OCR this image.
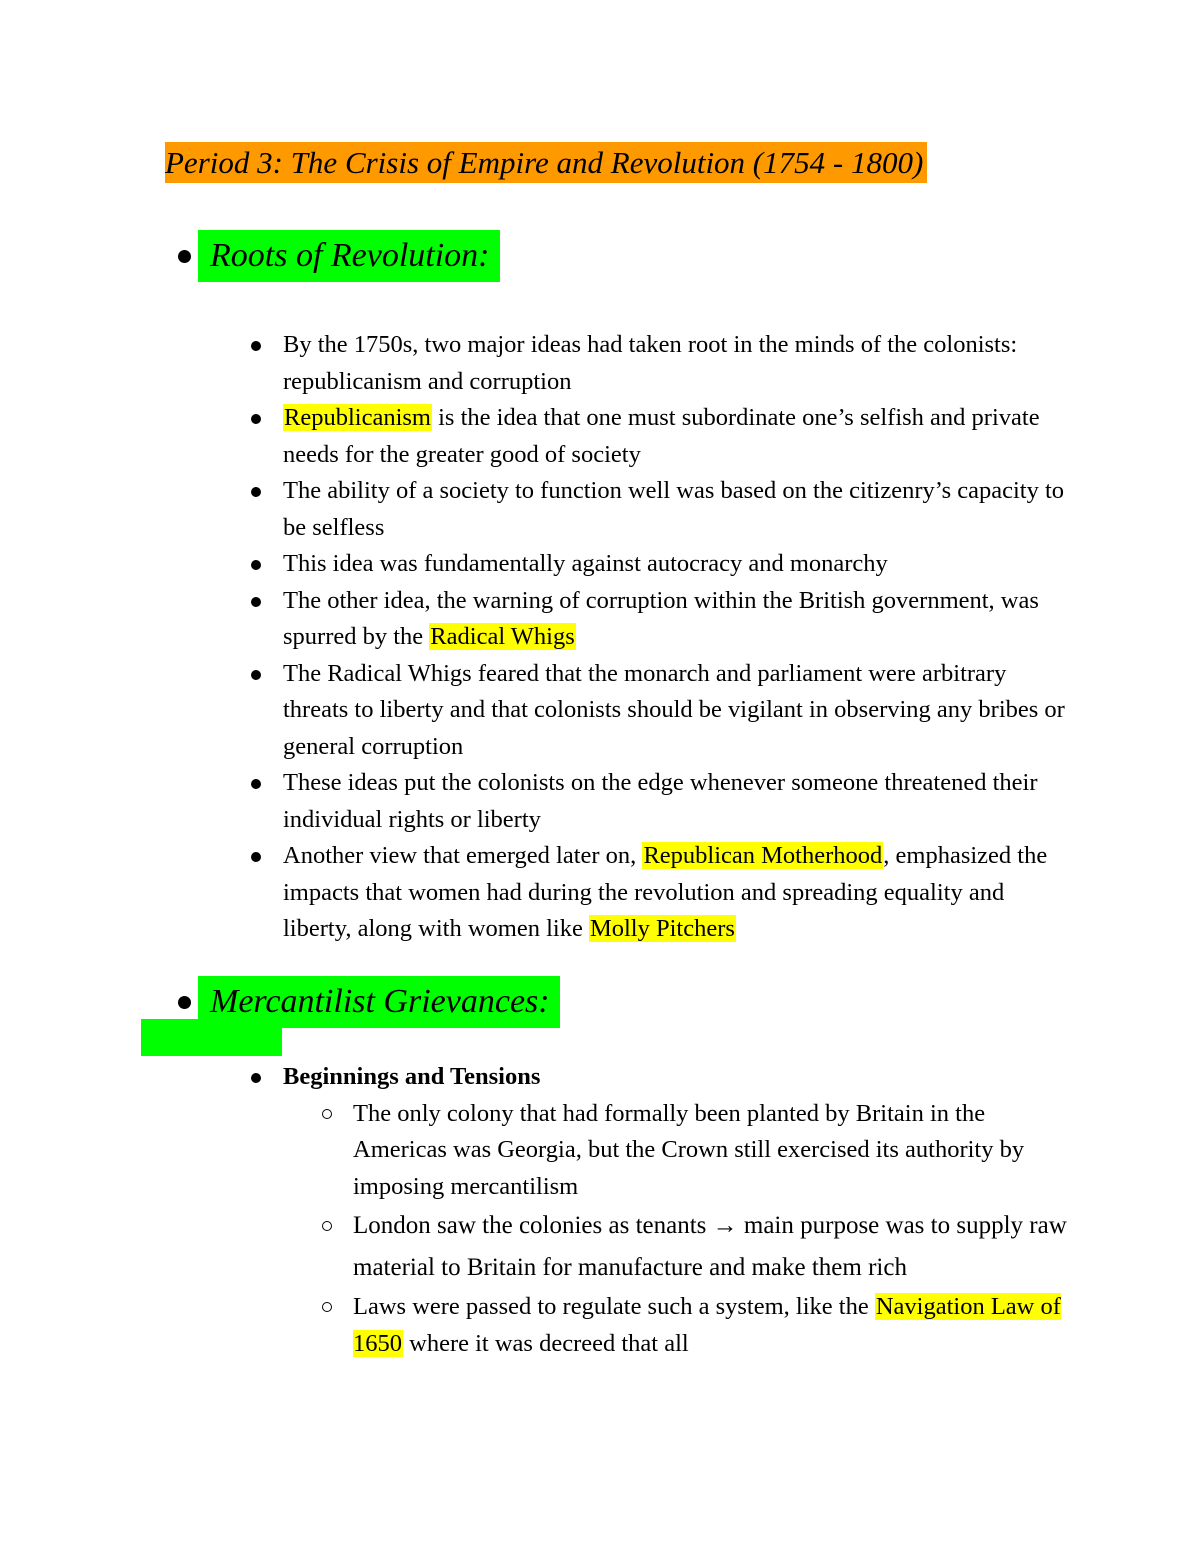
Period 3: The Crisis of Empire and Revolution (1754 - 1800)
Roots of Revolution:
By the 1750s, two major ideas had taken root in the minds of the colonists: republicanism and corruption
Republicanism is the idea that one must subordinate one’s selfish and private needs for the greater good of society
The ability of a society to function well was based on the citizenry’s capacity to be selfless
This idea was fundamentally against autocracy and monarchy
The other idea, the warning of corruption within the British government, was spurred by the Radical Whigs
The Radical Whigs feared that the monarch and parliament were arbitrary threats to liberty and that colonists should be vigilant in observing any bribes or general corruption
These ideas put the colonists on the edge whenever someone threatened their individual rights or liberty
Another view that emerged later on, Republican Motherhood, emphasized the impacts that women had during the revolution and spreading equality and liberty, along with women like Molly Pitchers
Mercantilist Grievances:
Beginnings and Tensions
The only colony that had formally been planted by Britain in the Americas was Georgia, but the Crown still exercised its authority by imposing mercantilism
London saw the colonies as tenants → main purpose was to supply raw material to Britain for manufacture and make them rich
Laws were passed to regulate such a system, like the Navigation Law of 1650 where it was decreed that all
